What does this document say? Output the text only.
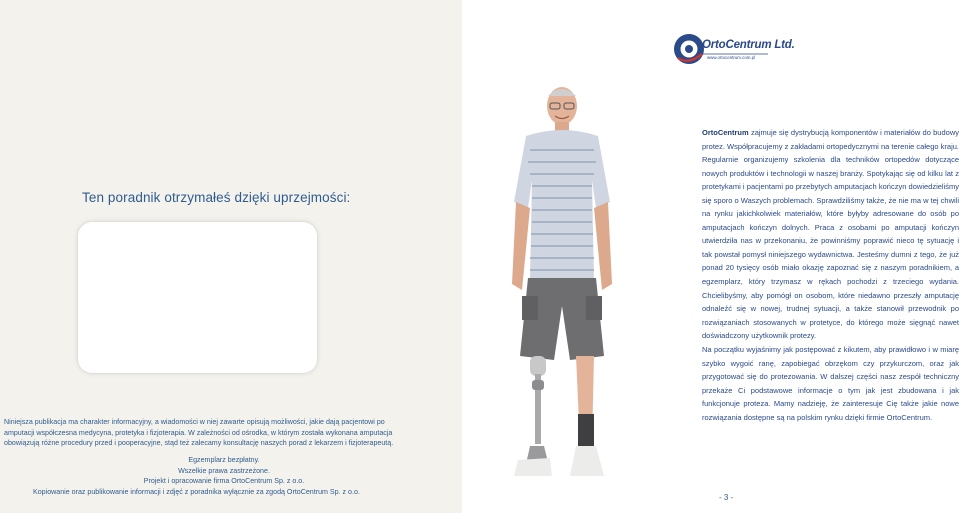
Ten poradnik otrzymałeś dzięki uprzejmości:

Niniejsza publikacja ma charakter informacyjny, a wiadomości w niej zawarte opisują możliwości, jakie dają pacjentowi po amputacji współczesna medycyna, protetyka i fizjoterapia. W zależności od ośrodka, w którym została wykonana amputacja obowiązują różne procedury przed i pooperacyjne, stąd też zalecamy konsultację naszych porad z lekarzem i fizjoterapeutą.

Egzemplarz bezpłatny.

Wszelkie prawa zastrzeżone.

Projekt i opracowanie firma OrtoCentrum Sp. z o.o.

Kopiowanie oraz publikowanie informacji i zdjęć z poradnika wyłącznie za zgodą OrtoCentrum Sp. z o.o.

OrtoCentrum Ltd.
www.ortocentrum.com.pl
OrtoCentrum zajmuje się dystrybucją komponentów i materiałów do budowy protez. Współpracujemy z zakładami ortopedycznymi na terenie całego kraju. Regularnie organizujemy szkolenia dla techników ortopedów dotyczące nowych produktów i technologii w naszej branży. Spotykając się od kilku lat z protetykami i pacjentami po przebytych amputacjach kończyn dowiedzieliśmy się sporo o Waszych problemach. Sprawdziliśmy także, że nie ma w tej chwili na rynku jakichkolwiek materiałów, które byłyby adresowane do osób po amputacjach kończyn dolnych. Praca z osobami po amputacji kończyn utwierdziła nas w przekonaniu, że powinniśmy poprawić nieco tę sytuację i tak powstał pomysł niniejszego wydawnictwa. Jesteśmy dumni z tego, że już ponad 20 tysięcy osób miało okazję zapoznać się z naszym poradnikiem, a egzemplarz, który trzymasz w rękach pochodzi z trzeciego wydania. Chcielibyśmy, aby pomógł on osobom, które niedawno przeszły amputację odnaleźć się w nowej, trudnej sytuacji, a także stanowił przewodnik po rozwiązaniach stosowanych w protetyce, do którego może sięgnąć nawet doświadczony użytkownik protezy.
Na początku wyjaśnimy jak postępować z kikutem, aby prawidłowo i w miarę szybko wygoić ranę, zapobiegać obrzękom czy przykurczom, oraz jak przygotować się do protezowania. W dalszej części nasz zespół techniczny przekaże Ci podstawowe informacje o tym jak jest zbudowana i jak funkcjonuje proteza. Mamy nadzieję, że zainteresuje Cię także jakie nowe rozwiązania dostępne są na polskim rynku dzięki firmie OrtoCentrum.
- 3 -
